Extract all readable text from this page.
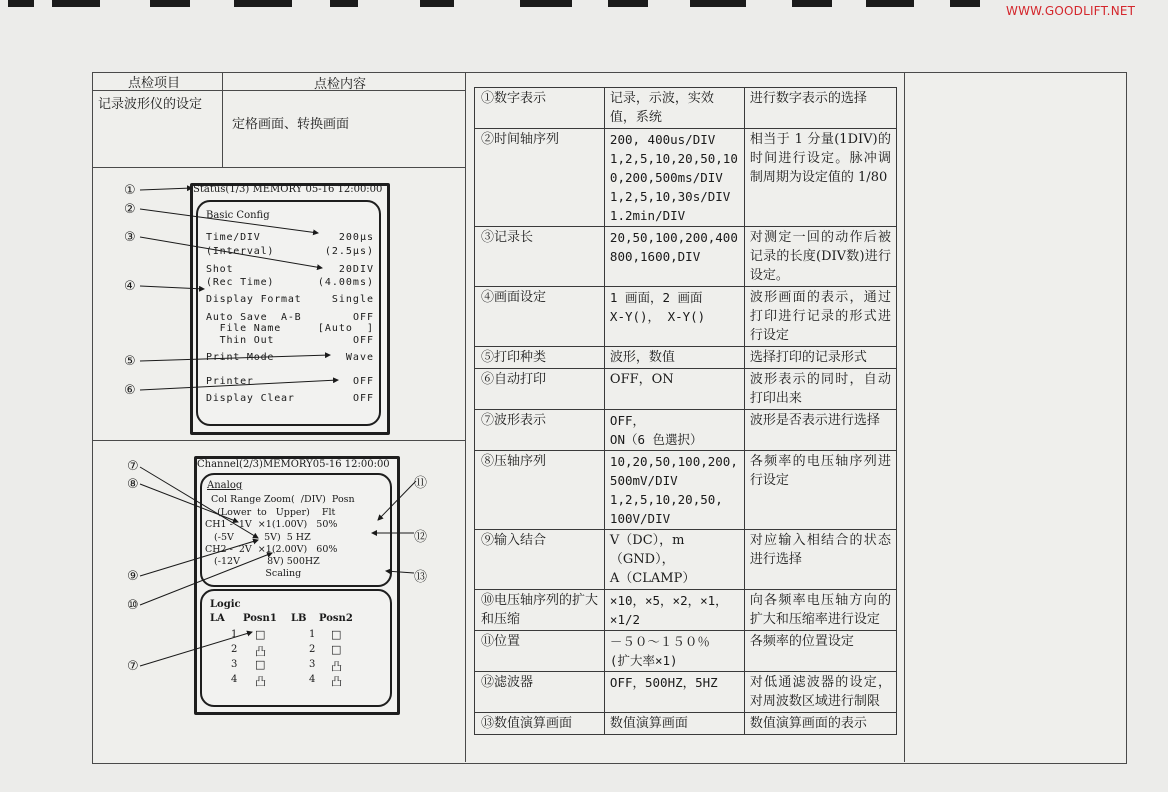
WWW.GOODLIFT.NET
点检项目	点检内容
记录波形仪的设定
定格画面、转换画面
Status(1/3) MEMORY 05-16 12:00:00
Basic Config
Time/DIV	200μs
(Interval)	(2.5μs)
Shot	20DIV
(Rec Time)	(4.00ms)
Display Format	Single
Auto Save  A-B	OFF
File Name	[Auto  ]
Thin Out	OFF
Print Mode	Wave
Printer	OFF
Display Clear	OFF
Channel(2/3)MEMORY05-16 12:00:00
Analog
Col Range Zoom(  /DIV)  Posn
(Lower  to   Upper)    Flt
CH1 -  1V  ×1(1.00V)   50%
(-5V          5V)  5 HZ
CH2 -  2V  ×1(2.00V)   60%
(-12V         8V) 500HZ
Scaling
Logic
LA Posn1 LB Posn2
1 □	1 □
2 凸	2 □
3 □	3 凸
4 凸	4 凸
①
②
③
④
⑤
⑥
⑦
⑧
⑨
⑩
⑪
⑫
⑬
⑦
①数字表示	记录，示波，实效值，系统	进行数字表示的选择
②时间轴序列	200, 400us/DIV
1,2,5,10,20,50,10
0,200,500ms/DIV
1,2,5,10,30s/DIV
1.2min/DIV	相当于 1 分量(1DIV)的时间进行设定。脉冲调制周期为设定值的 1/80
③记录长	20,50,100,200,400
800,1600,DIV	对测定一回的动作后被记录的长度(DIV数)进行设定。
④画面设定	1 画面，2 画面
X-Y()， X-Y()	波形画面的表示，通过打印进行记录的形式进行设定
⑤打印种类	波形，数值	选择打印的记录形式
⑥自动打印	OFF，ON	波形表示的同时，自动打印出来
⑦波形表示	OFF，
ON（6 色選択）	波形是否表示进行选择
⑧压轴序列	10,20,50,100,200,
500mV/DIV
1,2,5,10,20,50,
100V/DIV	各频率的电压轴序列进行设定
⑨输入结合	V（DC），m（GND），
A（CLAMP）	对应输入相结合的状态进行选择
⑩电压轴序列的扩大和压缩	×10，×5，×2，×1，×1/2	向各频率电压轴方向的扩大和压缩率进行设定
⑪位置	－５０～１５０％
(扩大率×1)	各频率的位置设定
⑫滤波器	OFF，500HZ，5HZ	对低通滤波器的设定，对周波数区域进行制限
⑬数值演算画面	数值演算画面	数值演算画面的表示
